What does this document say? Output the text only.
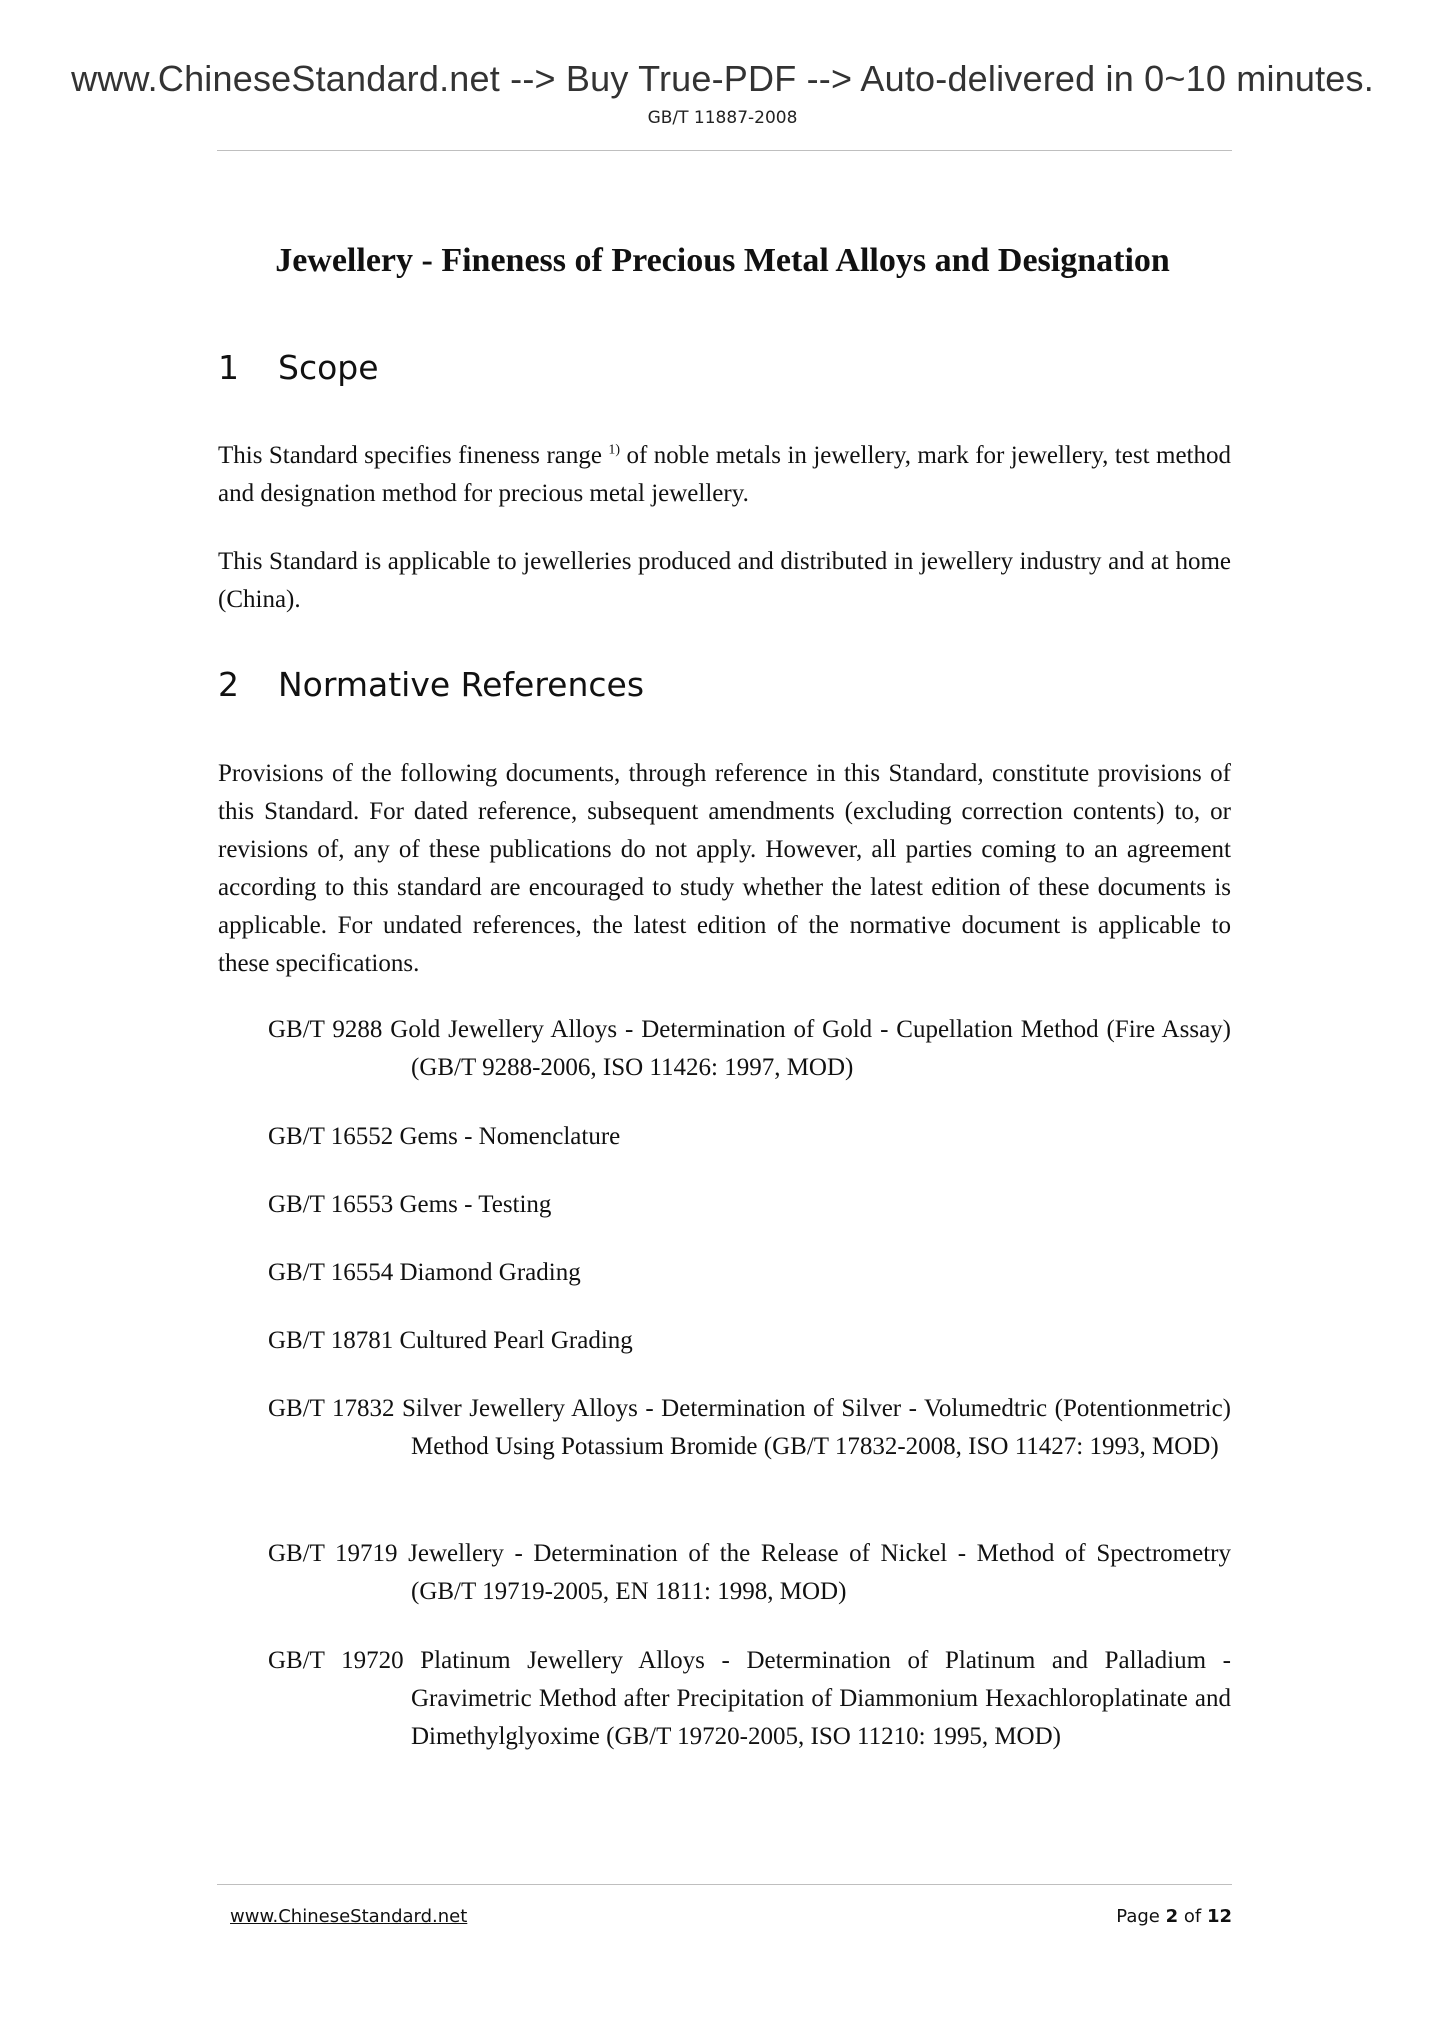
www.ChineseStandard.net --> Buy True-PDF --> Auto-delivered in 0~10 minutes.
GB/T 11887-2008
Jewellery - Fineness of Precious Metal Alloys and Designation
1 Scope
This Standard specifies fineness range $^{1)}$ of noble metals in jewellery, mark for jewellery, test method and designation method for precious metal jewellery.
This Standard is applicable to jewelleries produced and distributed in jewellery industry and at home (China).
2 Normative References
Provisions of the following documents, through reference in this Standard, constitute provisions of this Standard. For dated reference, subsequent amendments (excluding correction contents) to, or revisions of, any of these publications do not apply. However, all parties coming to an agreement according to this standard are encouraged to study whether the latest edition of these documents is applicable. For undated references, the latest edition of the normative document is applicable to these specifications.
GB/T 9288 Gold Jewellery Alloys - Determination of Gold - Cupellation Method (Fire Assay) (GB/T 9288-2006, ISO 11426: 1997, MOD)
GB/T 16552 Gems - Nomenclature
GB/T 16553 Gems - Testing
GB/T 16554 Diamond Grading
GB/T 18781 Cultured Pearl Grading
GB/T 17832 Silver Jewellery Alloys - Determination of Silver - Volumedtric (Potentionmetric) Method Using Potassium Bromide (GB/T 17832-2008, ISO 11427: 1993, MOD)
GB/T 19719 Jewellery - Determination of the Release of Nickel - Method of Spectrometry (GB/T 19719-2005, EN 1811: 1998, MOD)
GB/T 19720 Platinum Jewellery Alloys - Determination of Platinum and Palladium - Gravimetric Method after Precipitation of Diammonium Hexachloroplatinate and Dimethylglyoxime (GB/T 19720-2005, ISO 11210: 1995, MOD)
www.ChineseStandard.net	Page 2 of 12
